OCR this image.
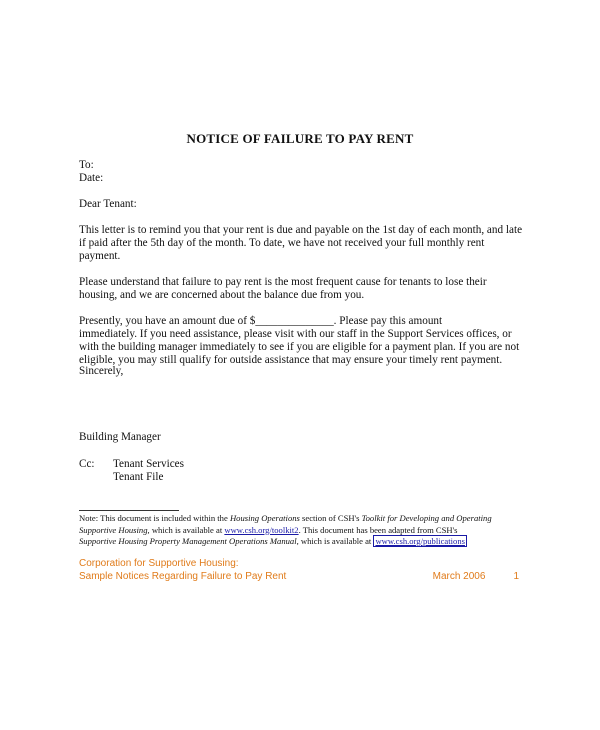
NOTICE OF FAILURE TO PAY RENT
To:
Date:
Dear Tenant:
This letter is to remind you that your rent is due and payable on the 1st day of each month, and late
if paid after the 5th day of the month. To date, we have not received your full monthly rent
payment.
Please understand that failure to pay rent is the most frequent cause for tenants to lose their
housing, and we are concerned about the balance due from you.
Presently, you have an amount due of $______________. Please pay this amount
immediately. If you need assistance, please visit with our staff in the Support Services offices, or
with the building manager immediately to see if you are eligible for a payment plan. If you are not
eligible, you may still qualify for outside assistance that may ensure your timely rent payment.
Sincerely,
Building Manager
Cc:	Tenant Services
Tenant File
Note: This document is included within the Housing Operations section of CSH's Toolkit for Developing and Operating
Supportive Housing, which is available at www.csh.org/toolkit2. This document has been adapted from CSH's
Supportive Housing Property Management Operations Manual, which is available at www.csh.org/publications
Corporation for Supportive Housing:
Sample Notices Regarding Failure to Pay Rent	March 2006	1
